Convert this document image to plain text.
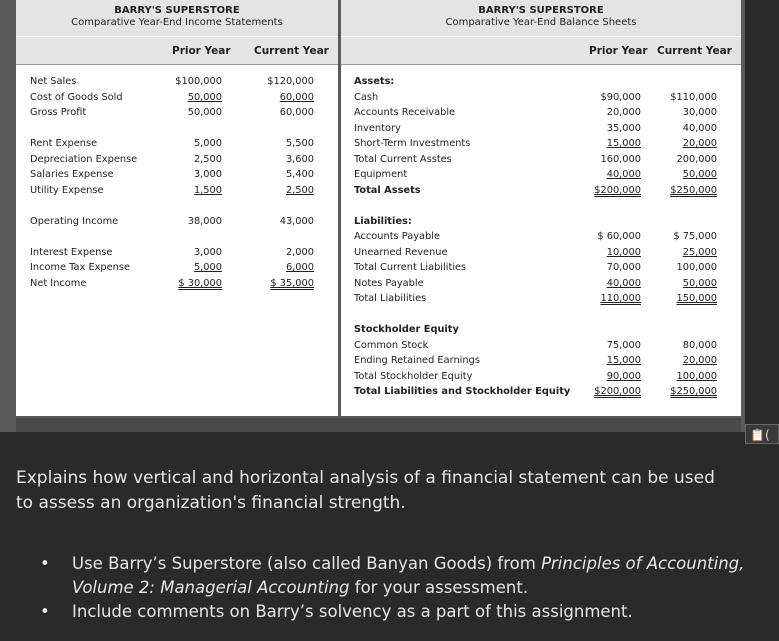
BARRY'S SUPERSTORE
Comparative Year-End Income Statements
Prior Year Current Year
Net Sales	$100,000	$120,000
Cost of Goods Sold	50,000	60,000
Gross Profit	50,000	60,000
Rent Expense	5,000	5,500
Depreciation Expense	2,500	3,600
Salaries Expense	3,000	5,400
Utility Expense	1,500	2,500
Operating Income	38,000	43,000
Interest Expense	3,000	2,000
Income Tax Expense	5,000	6,000
Net Income	$ 30,000	$ 35,000
BARRY'S SUPERSTORE
Comparative Year-End Balance Sheets
Prior Year Current Year
Assets:
Cash	$90,000	$110,000
Accounts Receivable	20,000	30,000
Inventory	35,000	40,000
Short-Term Investments	15,000	20,000
Total Current Asstes	160,000	200,000
Equipment	40,000	50,000
Total Assets	$200,000	$250,000
Liabilities:
Accounts Payable	$ 60,000	$ 75,000
Unearned Revenue	10,000	25,000
Total Current Liabilities	70,000	100,000
Notes Payable	40,000	50,000
Total Liabilities	110,000	150,000
Stockholder Equity
Common Stock	75,000	80,000
Ending Retained Earnings	15,000	20,000
Total Stockholder Equity	90,000	100,000
Total Liabilities and Stockholder Equity $200,000	$250,000
📋(

Explains how vertical and horizontal analysis of a financial statement can be used to assess an organization's financial strength.

• Use Barry’s Superstore (also called Banyan Goods) from Principles of Accounting, Volume 2: Managerial Accounting for your assessment.
• Include comments on Barry’s solvency as a part of this assignment.
